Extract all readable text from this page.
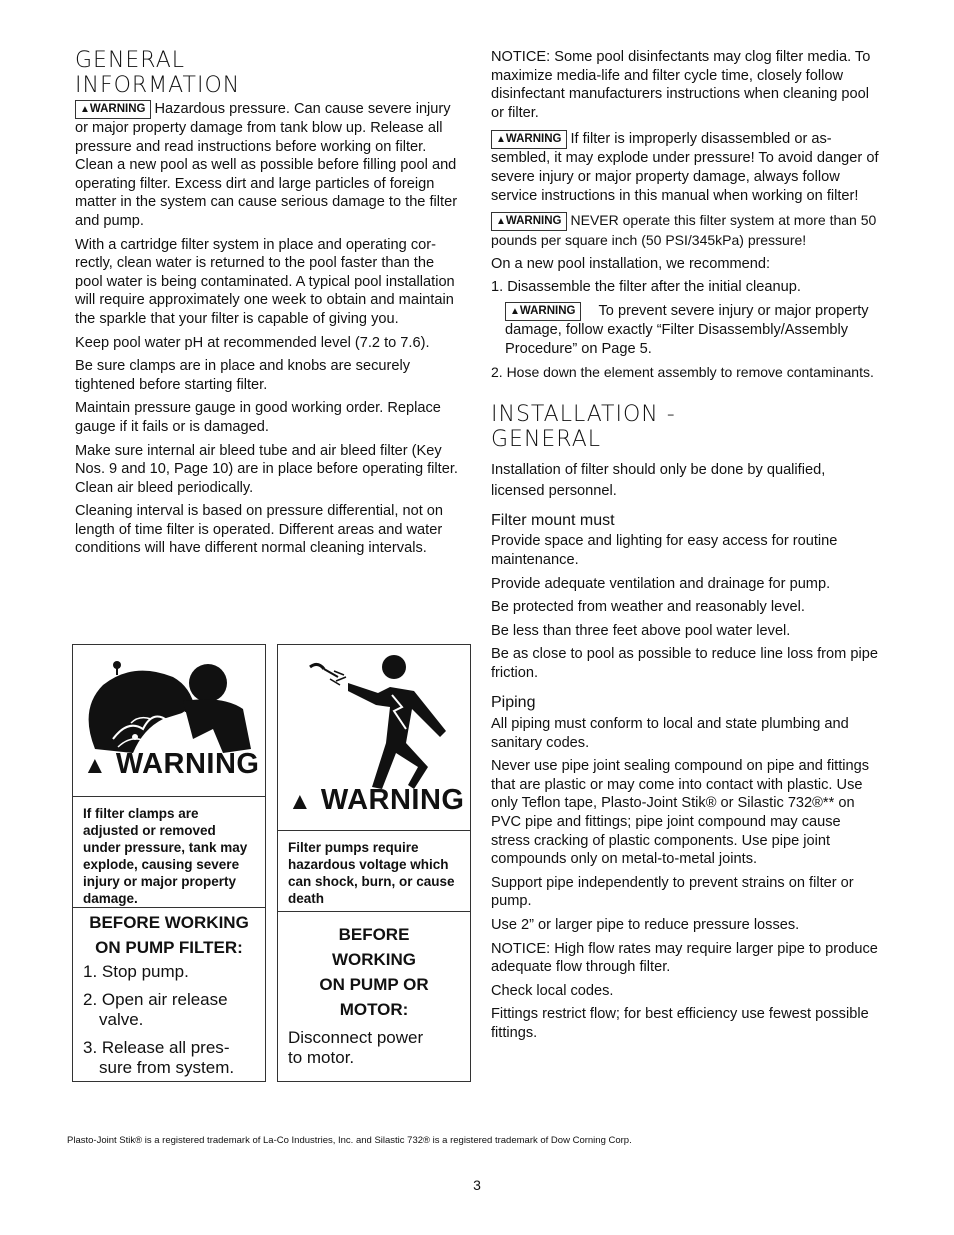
GENERAL
INFORMATION

▲WARNING Hazardous pressure. Can cause severe injury or major property damage from tank blow up. Release all pressure and read instructions before working on filter.

Clean a new pool as well as possible before filling pool and operating filter. Excess dirt and large particles of foreign matter in the system can cause serious damage to the filter and pump.

With a cartridge filter system in place and operating correctly, clean water is returned to the pool faster than the pool water is being contaminated. A typical pool installation will require approximately one week to obtain and maintain the sparkle that your filter is capable of giving you.

Keep pool water pH at recommended level (7.2 to 7.6).

Be sure clamps are in place and knobs are securely tightened before starting filter.

Maintain pressure gauge in good working order. Replace gauge if it fails or is damaged.

Make sure internal air bleed tube and air bleed filter (Key Nos. 9 and 10, Page 10) are in place before operating filter. Clean air bleed periodically.

Cleaning interval is based on pressure differential, not on length of time filter is operated. Different areas and water conditions will have different normal cleaning intervals.

▲ WARNING
If filter clamps are adjusted or removed under pressure, tank may explode, causing severe injury or major property damage.
BEFORE WORKING
ON PUMP FILTER:
1. Stop pump.
2. Open air release valve.
3. Release all pressure from system.
▲ WARNING
Filter pumps require hazardous voltage which can shock, burn, or cause death
BEFORE
WORKING
ON PUMP OR
MOTOR:
Disconnect power to motor.

NOTICE: Some pool disinfectants may clog filter media. To maximize media-life and filter cycle time, closely follow disinfectant manufacturers instructions when cleaning pool or filter.

▲WARNING If filter is improperly disassembled or assembled, it may explode under pressure! To avoid danger of severe injury or major property damage, always follow service instructions in this manual when working on filter!

▲WARNING NEVER operate this filter system at more than 50 pounds per square inch (50 PSI/345kPa) pressure!

On a new pool installation, we recommend:

1. Disassemble the filter after the initial cleanup.

▲WARNING To prevent severe injury or major property damage, follow exactly “Filter Disassembly/Assembly Procedure” on Page 5.

2. Hose down the element assembly to remove contaminants.

INSTALLATION -
GENERAL

Installation of filter should only be done by qualified, licensed personnel.

Filter mount must

Provide space and lighting for easy access for routine maintenance.

Provide adequate ventilation and drainage for pump.

Be protected from weather and reasonably level.

Be less than three feet above pool water level.

Be as close to pool as possible to reduce line loss from pipe friction.

Piping

All piping must conform to local and state plumbing and sanitary codes.

Never use pipe joint sealing compound on pipe and fittings that are plastic or may come into contact with plastic. Use only Teflon tape, Plasto-Joint Stik® or Silastic 732®** on PVC pipe and fittings; pipe joint compound may cause stress cracking of plastic components. Use pipe joint compounds only on metal-to-metal joints.

Support pipe independently to prevent strains on filter or pump.

Use 2” or larger pipe to reduce pressure losses.

NOTICE: High flow rates may require larger pipe to produce adequate flow through filter.

Check local codes.

Fittings restrict flow; for best efficiency use fewest possible fittings.

Plasto-Joint Stik® is a registered trademark of La-Co Industries, Inc. and Silastic 732® is a registered trademark of Dow Corning Corp.
3
